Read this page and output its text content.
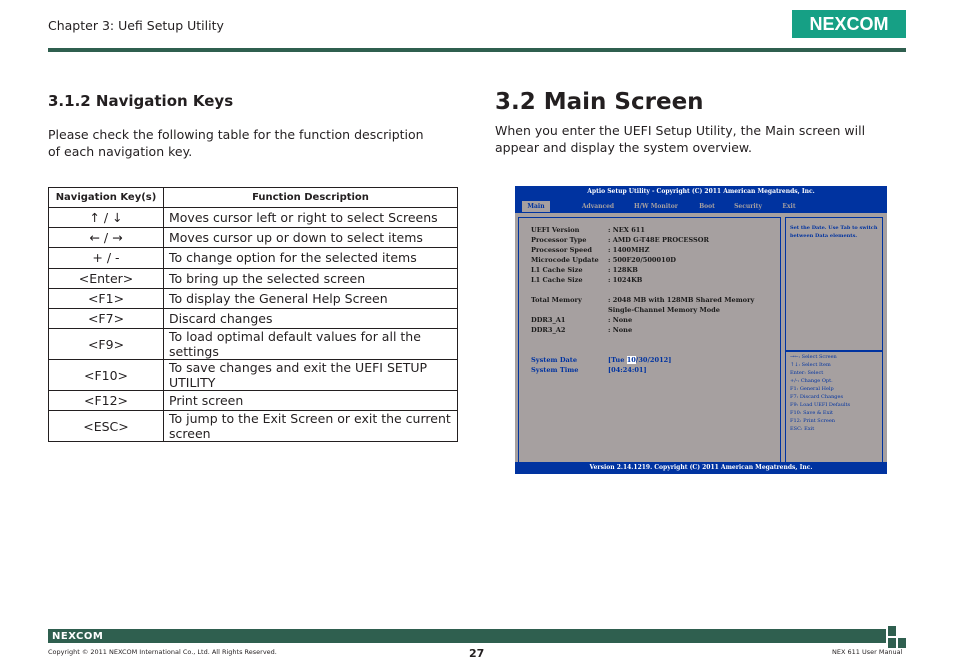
Chapter 3: Uefi Setup Utility	NEXCOM
3.1.2 Navigation Keys
Please check the following table for the function description of each navigation key.
Navigation Key(s)	Function Description
↑ / ↓	Moves cursor left or right to select Screens
← / →	Moves cursor up or down to select items
+ / -	To change option for the selected items
<Enter>	To bring up the selected screen
<F1>	To display the General Help Screen
<F7>	Discard changes
<F9>	To load optimal default values for all the settings
<F10>	To save changes and exit the UEFI SETUP UTILITY
<F12>	Print screen
<ESC>	To jump to the Exit Screen or exit the current screen
3.2 Main Screen
When you enter the UEFI Setup Utility, the Main screen will appear and display the system overview.
Aptio Setup Utility - Copyright (C) 2011 American Megatrends, Inc.
Main	Advanced	H/W Monitor	Boot	Security	Exit
UEFI Version	: NEX 611
Processor Type	: AMD G-T48E PROCESSOR
Processor Speed : 1400MHZ
Microcode Update : 500F20/500010D
L1 Cache Size	: 128KB
L1 Cache Size	: 1024KB
Total Memory	: 2048 MB with 128MB Shared Memory
Single-Channel Memory Mode
DDR3_A1	: None
DDR3_A2	: None
System Date	[Tue 10/30/2012]
System Time	[04:24:01]
Set the Date. Use Tab to switch between Data elements.
→←: Select Screen
↑↓: Select Item
Enter: Select
+/-: Change Opt.
F1: General Help
F7: Discard Changes
F9: Load UEFI Defaults
F10: Save & Exit
F12: Print Screen
ESC: Exit
Version 2.14.1219. Copyright (C) 2011 American Megatrends, Inc.
NEXCOM
Copyright © 2011 NEXCOM International Co., Ltd. All Rights Reserved.	27	NEX 611 User Manual
